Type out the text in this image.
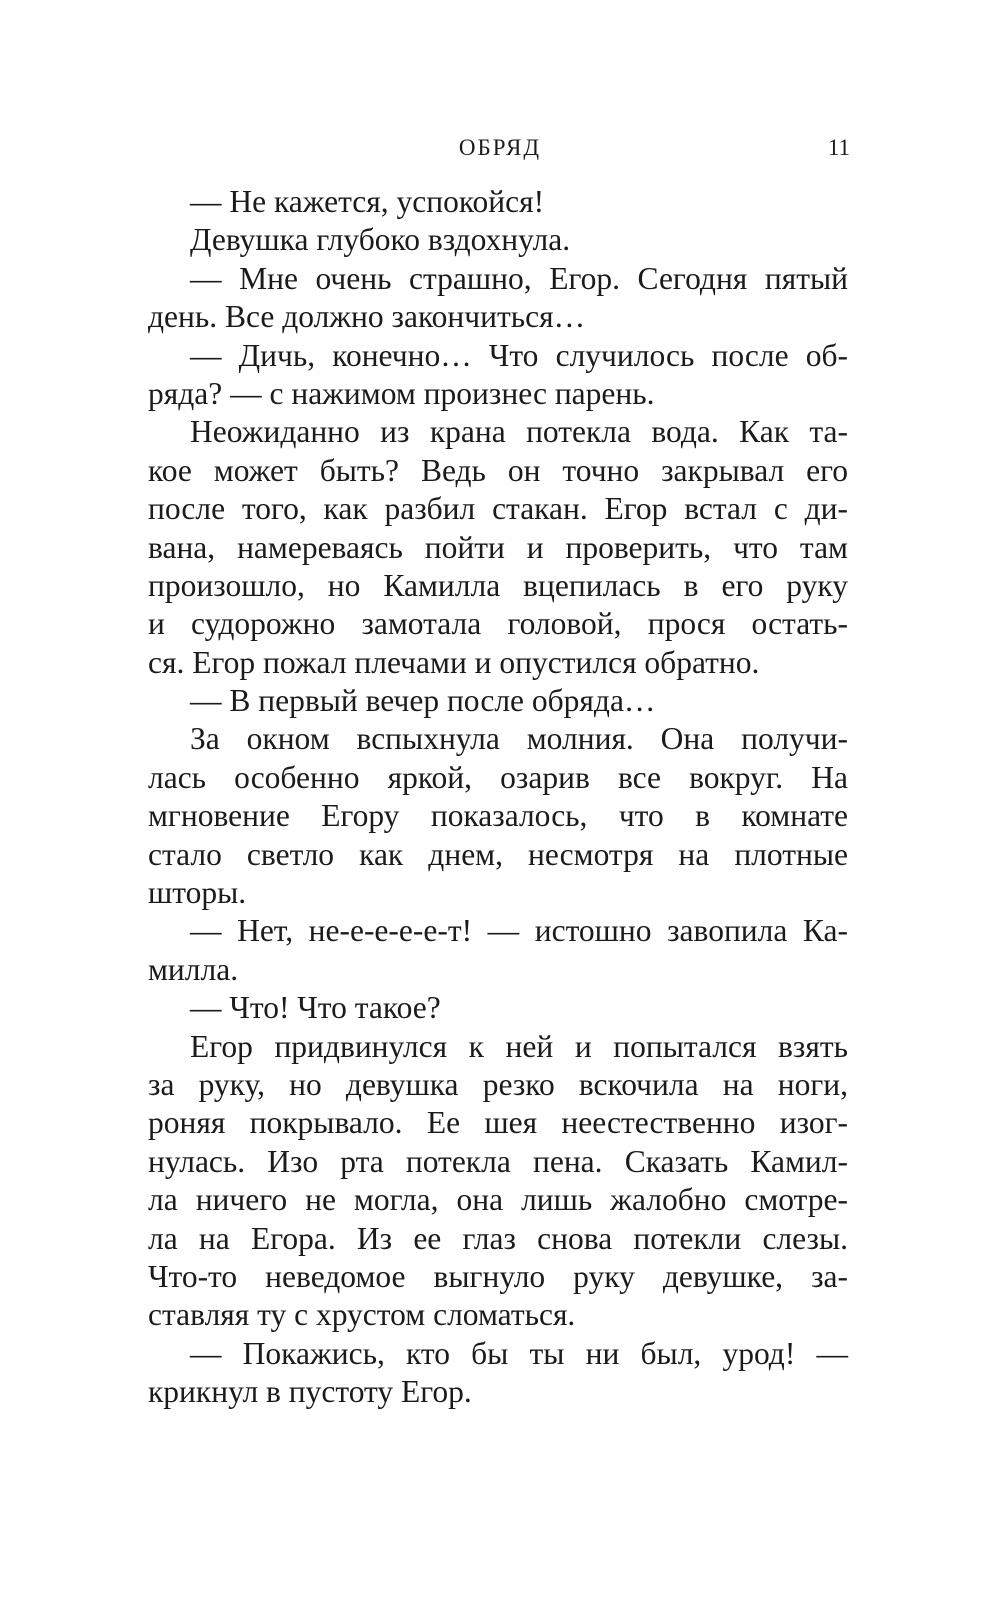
ОБРЯД	11
— Не кажется, успокойся!
Девушка глубоко вздохнула.
— Мне очень страшно, Егор. Сегодня пятый
день. Все должно закончиться…
— Дичь, конечно… Что случилось после об-
ряда? — с нажимом произнес парень.
Неожиданно из крана потекла вода. Как та-
кое может быть? Ведь он точно закрывал его
после того, как разбил стакан. Егор встал с ди-
вана, намереваясь пойти и проверить, что там
произошло, но Камилла вцепилась в его руку
и судорожно замотала головой, прося остать-
ся. Егор пожал плечами и опустился обратно.
— В первый вечер после обряда…
За окном вспыхнула молния. Она получи-
лась особенно яркой, озарив все вокруг. На
мгновение Егору показалось, что в комнате
стало светло как днем, несмотря на плотные
шторы.
— Нет, не-е-е-е-е-т! — истошно завопила Ка-
милла.
— Что! Что такое?
Егор придвинулся к ней и попытался взять
за руку, но девушка резко вскочила на ноги,
роняя покрывало. Ее шея неестественно изог-
нулась. Изо рта потекла пена. Сказать Камил-
ла ничего не могла, она лишь жалобно смотре-
ла на Егора. Из ее глаз снова потекли слезы.
Что-то неведомое выгнуло руку девушке, за-
ставляя ту с хрустом сломаться.
— Покажись, кто бы ты ни был, урод! —
крикнул в пустоту Егор.
